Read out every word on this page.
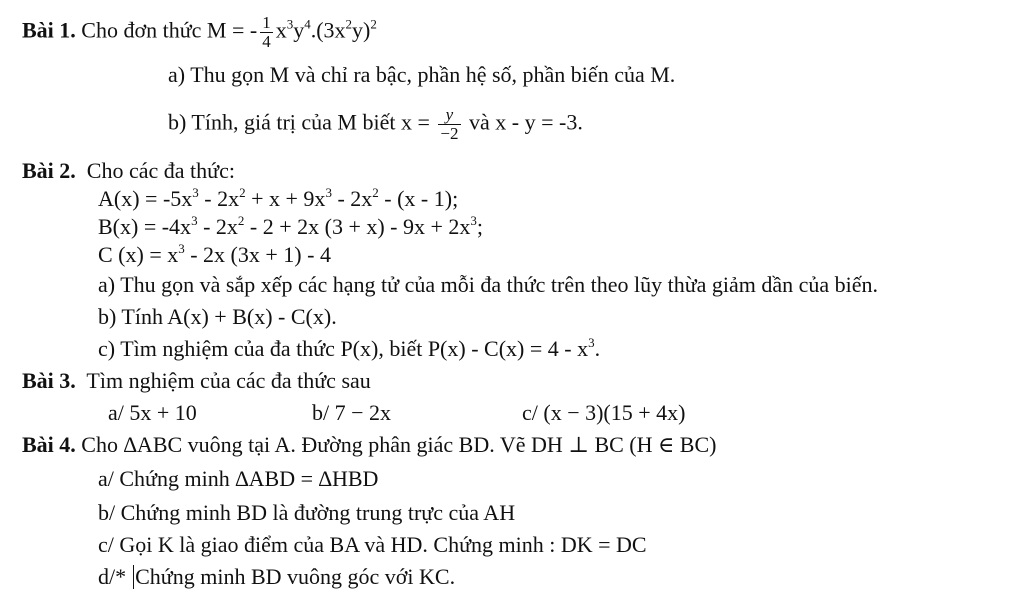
Bài 1. Cho đơn thức M = - $\frac{1}{4} x^3y^4.(3x^2y)^2$
a) Thu gọn M và chỉ ra bậc, phần hệ số, phần biến của M.
b) Tính, giá trị của M biết $x = \frac{y}{-2}$ và x - y = -3.
Bài 2. Cho các đa thức:
$A(x) = -5x^3 - 2x^2 + x + 9x^3 - 2x^2 - (x - 1)$;
$B(x) = -4x^3 - 2x^2 - 2 + 2x$ $(3 + x) - 9x + 2x^3$;
C $(x) = x^3 - 2x$ (3x + 1) - 4
a) Thu gọn và sắp xếp các hạng tử của mỗi đa thức trên theo lũy thừa giảm dần của biến.
b) Tính A(x) + B(x) - C(x).
c) Tìm nghiệm của đa thức P(x), biết $P(x) - C(x) = 4 - x^3$.
Bài 3. Tìm nghiệm của các đa thức sau
a/ 5x + 10	b/ 7 − 2x	c/ (x − 3)(15 + 4x)
Bài 4. Cho ∆ABC vuông tại A. Đường phân giác BD. Vẽ DH ⊥ BC (H ∈ BC)
a/ Chứng minh ∆ABD = ∆HBD
b/ Chứng minh BD là đường trung trực của AH
c/ Gọi K là giao điểm của BA và HD. Chứng minh : DK = DC
d/* Chứng minh BD vuông góc với KC.
